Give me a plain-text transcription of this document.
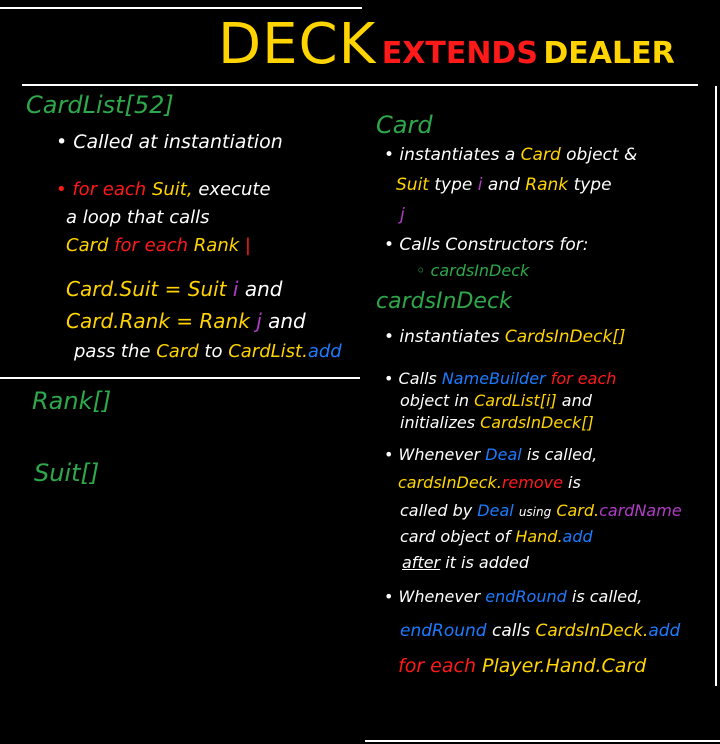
DECK EXTENDS DEALER
CardList[52]
• Called at instantiation
• for each Suit, execute
a loop that calls
Card for each Rank |
Card.Suit = Suit i and
Card.Rank = Rank j and
pass the Card to CardList.add
Rank[]
Suit[]
Card
• instantiates a Card object &
Suit type i and Rank type
j
• Calls Constructors for:
◦ cardsInDeck
cardsInDeck
• instantiates CardsInDeck[]
• Calls NameBuilder for each
object in CardList[i] and
initializes CardsInDeck[]
• Whenever Deal is called,
cardsInDeck.remove is
called by Deal using Card.cardName
card object of Hand.add
after it is added
• Whenever endRound is called,
endRound calls CardsInDeck.add
for each Player.Hand.Card
